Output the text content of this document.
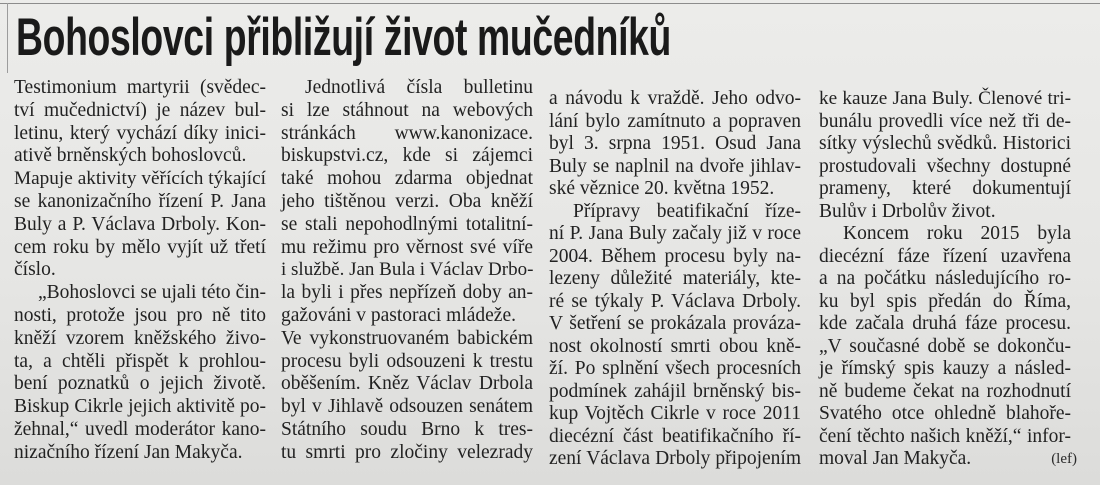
Bohoslovci přibližují život mučedníků
Testimonium martyrii (svědec-
tví mučednictví) je název bul-
letinu, který vychází díky inici-
ativě brněnských bohoslovců.
Mapuje aktivity věřících týkající
se kanonizačního řízení P. Jana
Buly a P. Václava Drboly. Kon-
cem roku by mělo vyjít už třetí
číslo.
„Bohoslovci se ujali této čin-
nosti, protože jsou pro ně tito
kněží vzorem kněžského živo-
ta, a chtěli přispět k prohlou-
bení poznatků o jejich životě.
Biskup Cikrle jejich aktivitě po-
žehnal,“ uvedl moderátor kano-
nizačního řízení Jan Makyča.
Jednotlivá čísla bulletinu
si lze stáhnout na webových
stránkách www.kanonizace.
biskupstvi.cz, kde si zájemci
také mohou zdarma objednat
jeho tištěnou verzi. Oba kněží
se stali nepohodlnými totalitní-
mu režimu pro věrnost své víře
i službě. Jan Bula i Václav Drbo-
la byli i přes nepřízeň doby an-
gažováni v pastoraci mládeže.
Ve vykonstruovaném babickém
procesu byli odsouzeni k trestu
oběšením. Kněz Václav Drbola
byl v Jihlavě odsouzen senátem
Státního soudu Brno k tres-
tu smrti pro zločiny velezrady
a návodu k vraždě. Jeho odvo-
lání bylo zamítnuto a popraven
byl 3. srpna 1951. Osud Jana
Buly se naplnil na dvoře jihlav-
ské věznice 20. května 1952.
Přípravy beatifikační říze-
ní P. Jana Buly začaly již v roce
2004. Během procesu byly na-
lezeny důležité materiály, kte-
ré se týkaly P. Václava Drboly.
V šetření se prokázala prováza-
nost okolností smrti obou kně-
ží. Po splnění všech procesních
podmínek zahájil brněnský bis-
kup Vojtěch Cikrle v roce 2011
diecézní část beatifikačního ří-
zení Václava Drboly připojením	(lef)
ke kauze Jana Buly. Členové tri-
bunálu provedli více než tři de-
sítky výslechů svědků. Historici
prostudovali všechny dostupné
prameny, které dokumentují
Bulův i Drbolův život.
Koncem roku 2015 byla
diecézní fáze řízení uzavřena
a na počátku následujícího ro-
ku byl spis předán do Říma,
kde začala druhá fáze procesu.
„V současné době se dokonču-
je římský spis kauzy a násled-
ně budeme čekat na rozhodnutí
Svatého otce ohledně blahoře-
čení těchto našich kněží,“ infor-
moval Jan Makyča.
